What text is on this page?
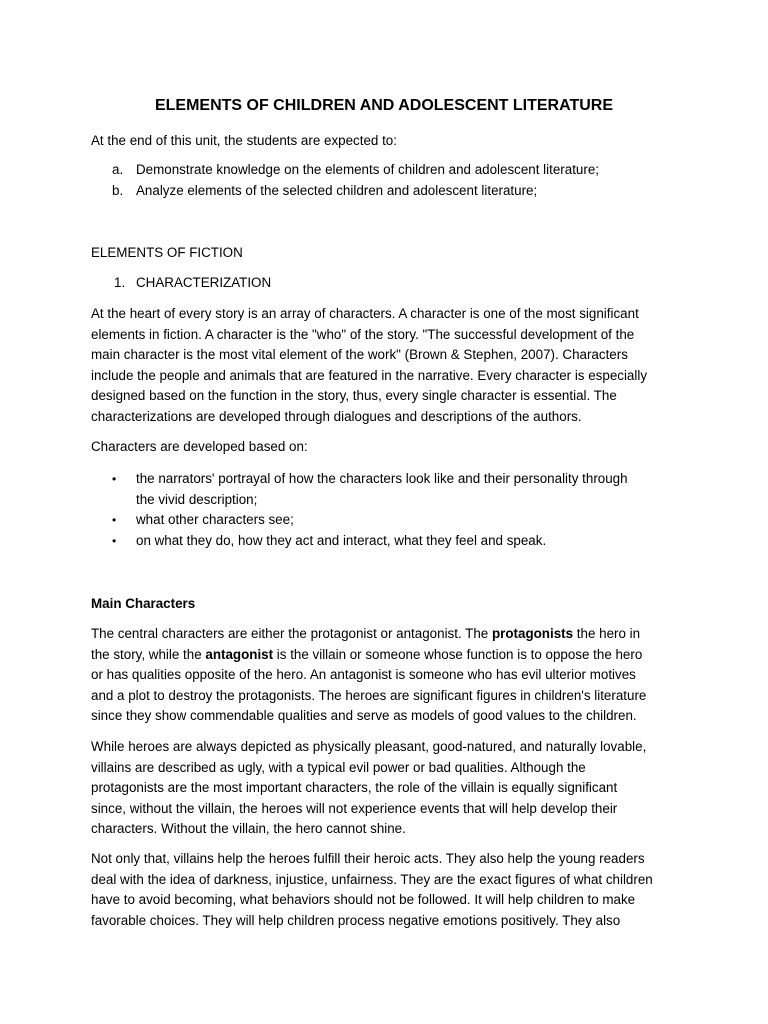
ELEMENTS OF CHILDREN AND ADOLESCENT LITERATURE

At the end of this unit, the students are expected to:

a. Demonstrate knowledge on the elements of children and adolescent literature;
b. Analyze elements of the selected children and adolescent literature;

ELEMENTS OF FICTION

1. CHARACTERIZATION
At the heart of every story is an array of characters. A character is one of the most significant
elements in fiction. A character is the "who" of the story. "The successful development of the
main character is the most vital element of the work" (Brown & Stephen, 2007). Characters
include the people and animals that are featured in the narrative. Every character is especially
designed based on the function in the story, thus, every single character is essential. The
characterizations are developed through dialogues and descriptions of the authors.

Characters are developed based on:

• the narrators' portrayal of how the characters look like and their personality through
the vivid description;
• what other characters see;
• on what they do, how they act and interact, what they feel and speak.

Main Characters

The central characters are either the protagonist or antagonist. The protagonists the hero in
the story, while the antagonist is the villain or someone whose function is to oppose the hero
or has qualities opposite of the hero. An antagonist is someone who has evil ulterior motives
and a plot to destroy the protagonists. The heroes are significant figures in children's literature
since they show commendable qualities and serve as models of good values to the children.
While heroes are always depicted as physically pleasant, good-natured, and naturally lovable,
villains are described as ugly, with a typical evil power or bad qualities. Although the
protagonists are the most important characters, the role of the villain is equally significant
since, without the villain, the heroes will not experience events that will help develop their
characters. Without the villain, the hero cannot shine.
Not only that, villains help the heroes fulfill their heroic acts. They also help the young readers
deal with the idea of darkness, injustice, unfairness. They are the exact figures of what children
have to avoid becoming, what behaviors should not be followed. It will help children to make
favorable choices. They will help children process negative emotions positively. They also
